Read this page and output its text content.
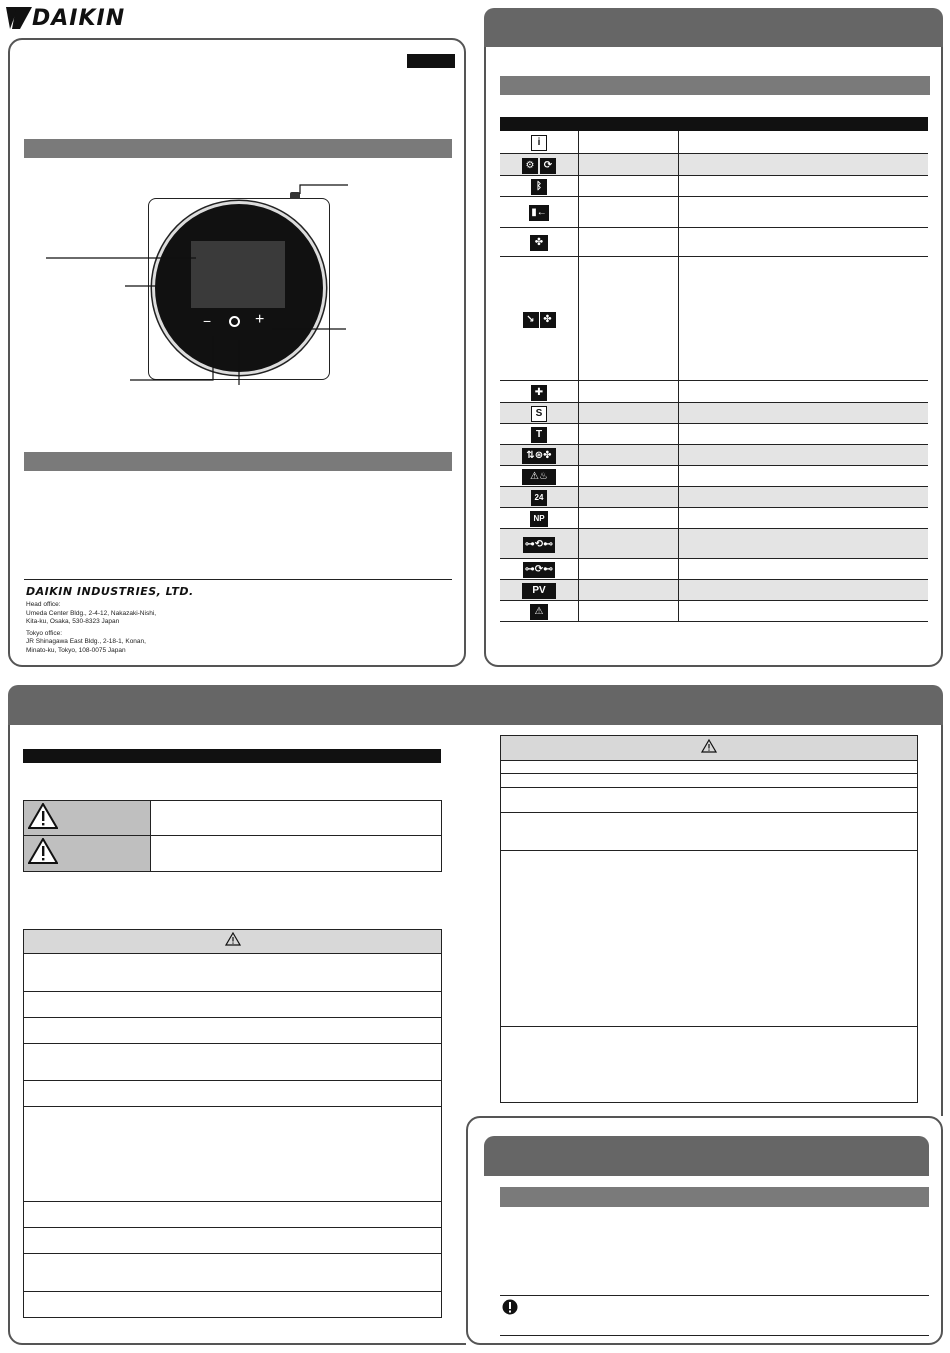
DAIKIN
◣DAIKIN
−	+
DAIKIN INDUSTRIES, LTD.
Head office:
Umeda Center Bldg., 2-4-12, Nakazaki-Nishi,
Kita-ku, Osaka, 530-8323 Japan
Tokyo office:
JR Shinagawa East Bldg., 2-18-1, Konan,
Minato-ku, Tokyo, 108-0075 Japan

i		
⚙ ⟳		
ᛒ		
▮←		
✤		
↘ ✤		
✚		
S		
T		
⇅⊛✤		
⚠♨		
24		
NP		
⊶⟲⊷		
⊶⟳⊷		
PV		
⚠		
